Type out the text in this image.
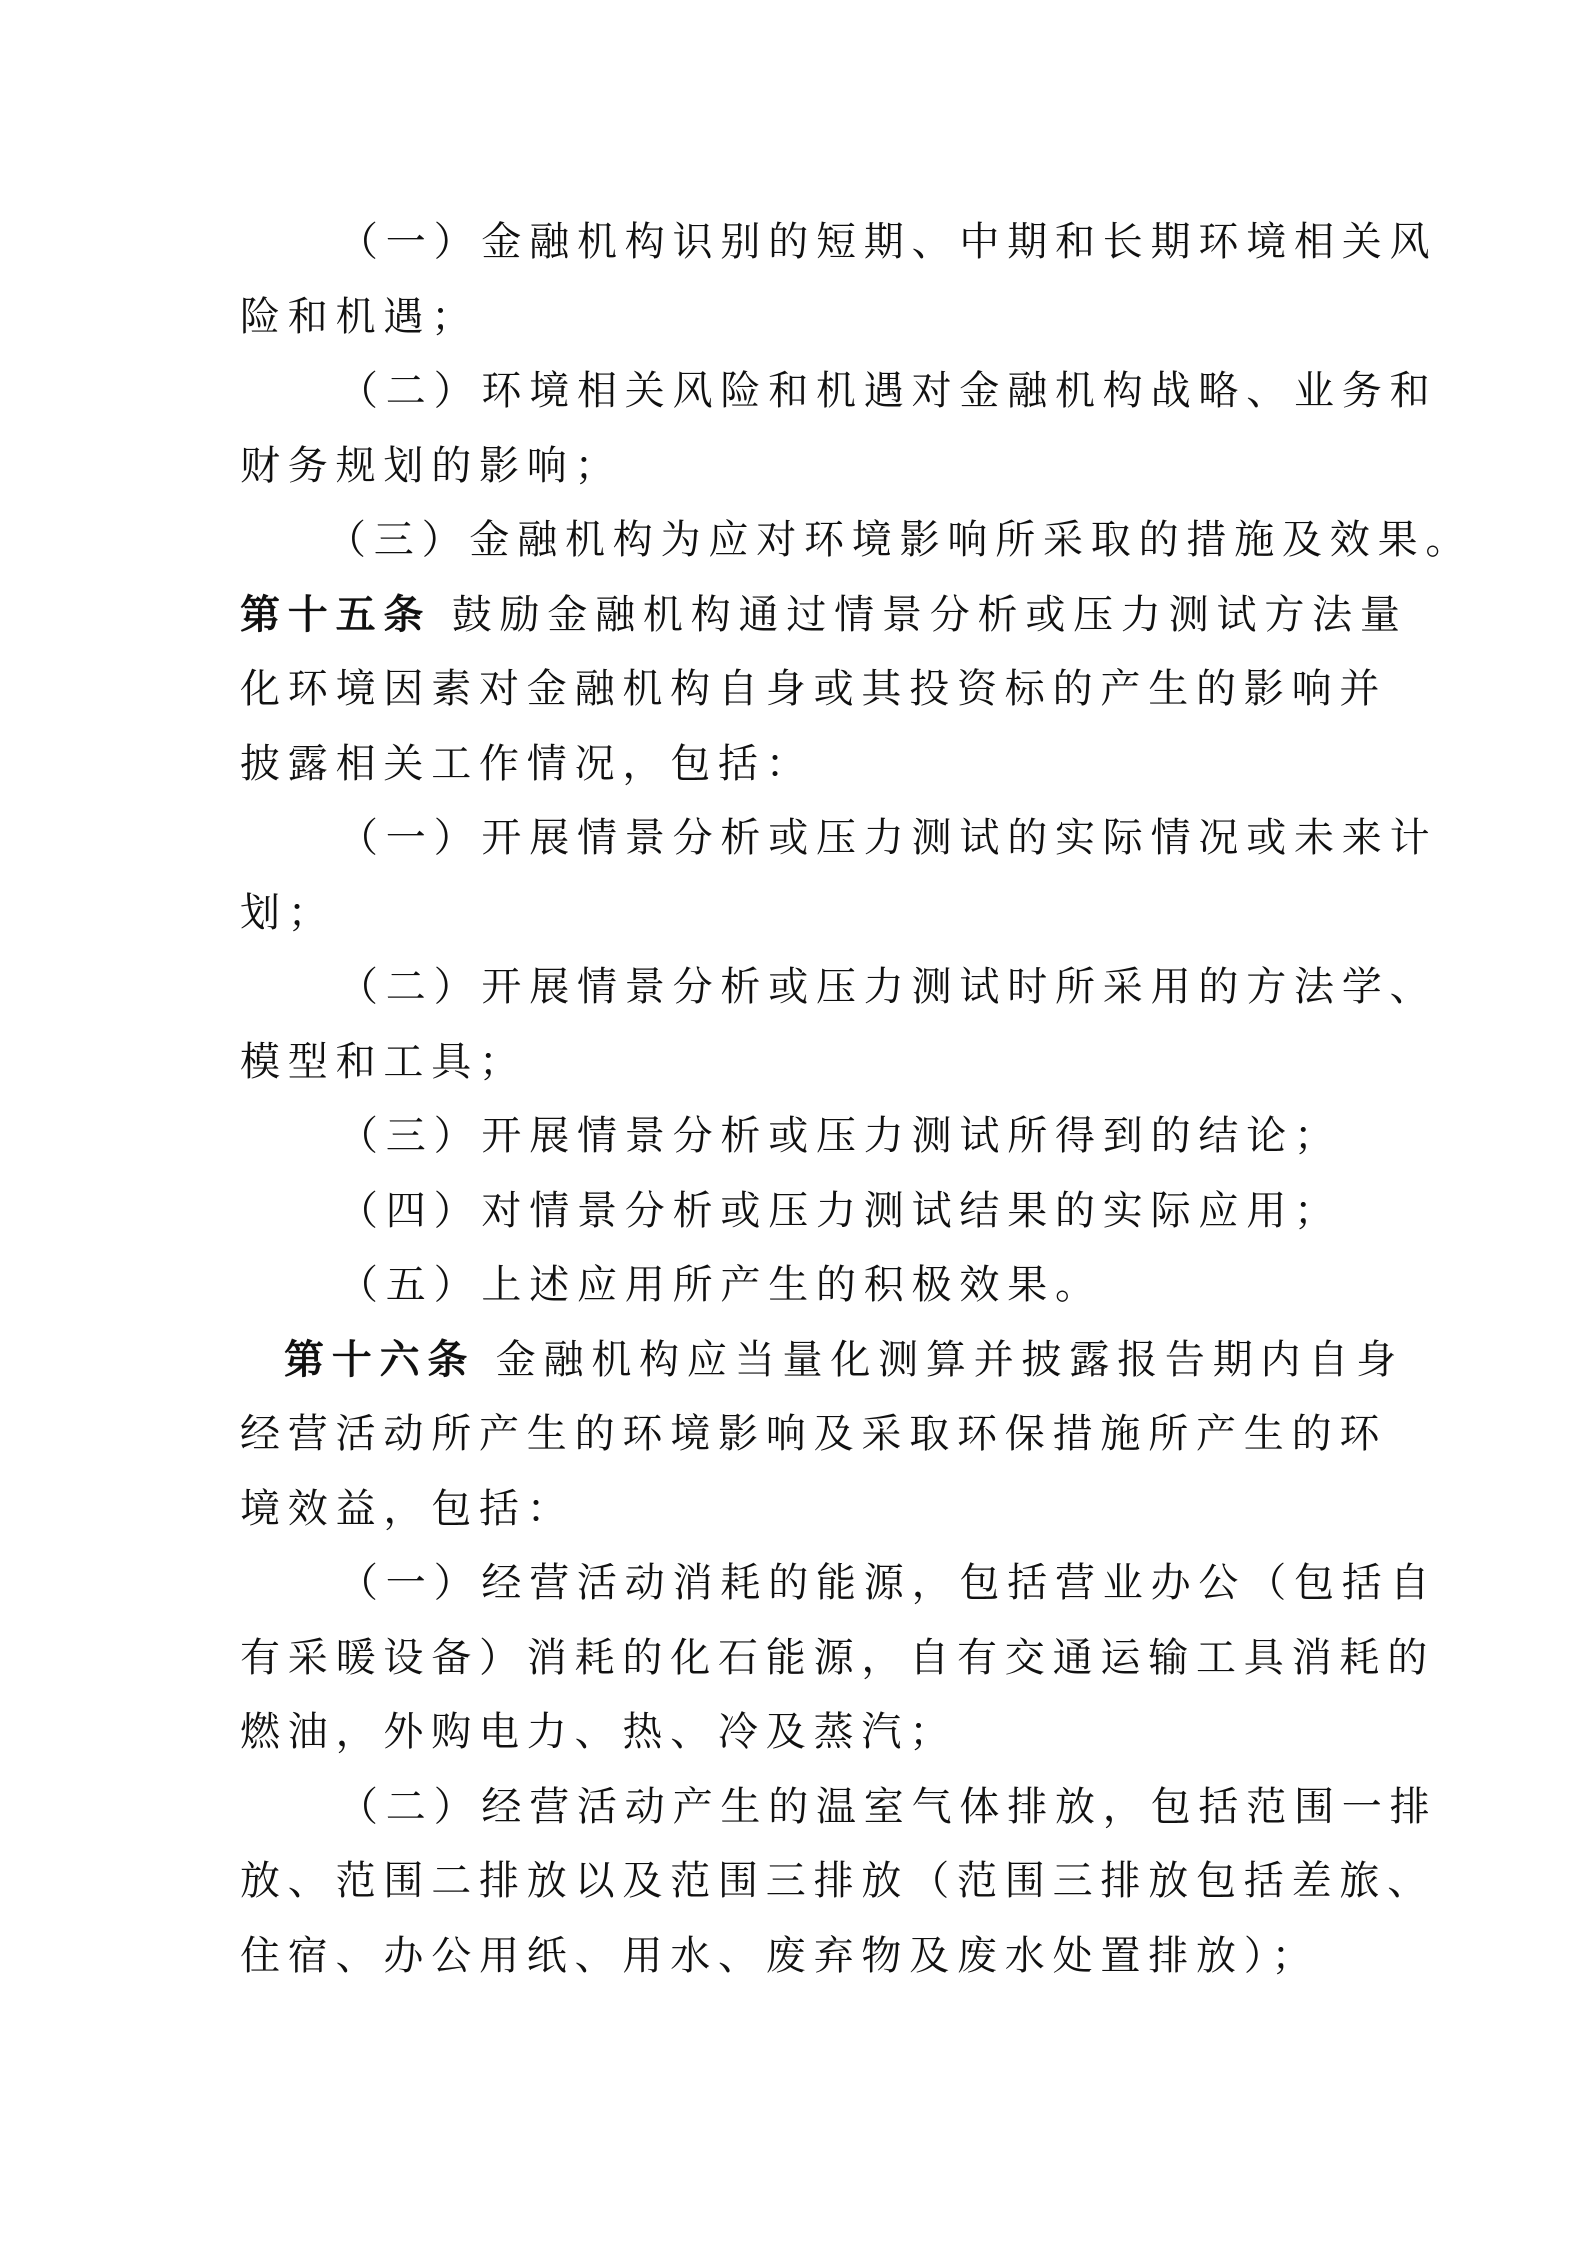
（一）金融机构识别的短期、中期和长期环境相关风
险和机遇；
（二）环境相关风险和机遇对金融机构战略、业务和
财务规划的影响；
（三）金融机构为应对环境影响所采取的措施及效果。
第十五条 鼓励金融机构通过情景分析或压力测试方法量
化环境因素对金融机构自身或其投资标的产生的影响并
披露相关工作情况，包括：
（一）开展情景分析或压力测试的实际情况或未来计
划；
（二）开展情景分析或压力测试时所采用的方法学、
模型和工具；
（三）开展情景分析或压力测试所得到的结论；
（四）对情景分析或压力测试结果的实际应用；
（五）上述应用所产生的积极效果。
第十六条 金融机构应当量化测算并披露报告期内自身
经营活动所产生的环境影响及采取环保措施所产生的环
境效益，包括：
（一）经营活动消耗的能源，包括营业办公（包括自
有采暖设备）消耗的化石能源，自有交通运输工具消耗的
燃油，外购电力、热、冷及蒸汽；
（二）经营活动产生的温室气体排放，包括范围一排
放、范围二排放以及范围三排放（范围三排放包括差旅、
住宿、办公用纸、用水、废弃物及废水处置排放）；
